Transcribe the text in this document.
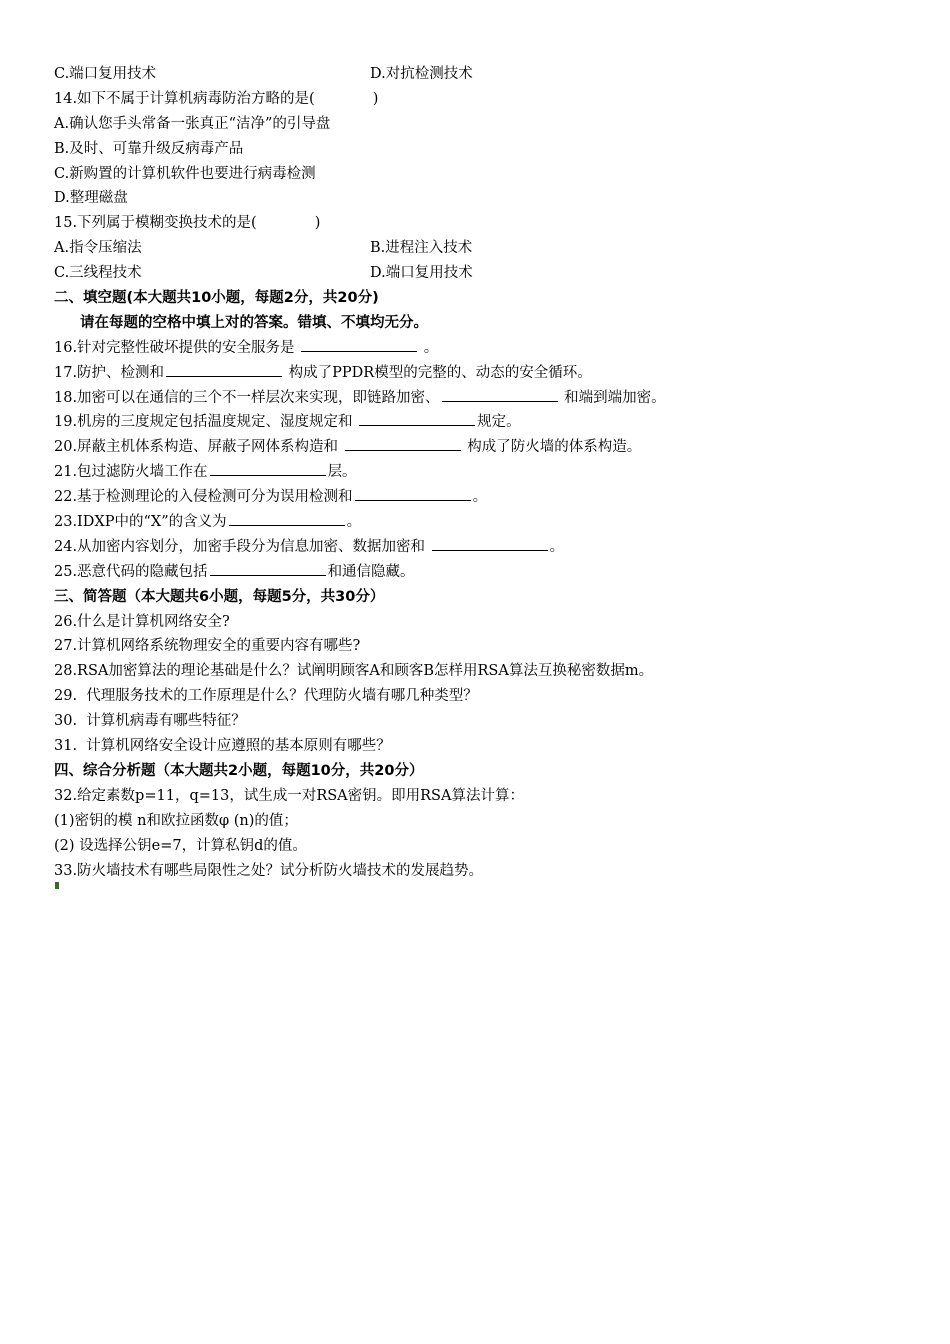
C.端口复用技术	D.对抗检测技术
14.如下不属于计算机病毒防治方略的是(	)
A.确认您手头常备一张真正“洁净”的引导盘
B.及时、可靠升级反病毒产品
C.新购置的计算机软件也要进行病毒检测
D.整理磁盘
15.下列属于模糊变换技术的是(	)
A.指令压缩法	B.进程注入技术
C.三线程技术	D.端口复用技术
二、填空题(本大题共10小题，每题2分，共20分)
请在每题的空格中填上对的答案。错填、不填均无分。
16.针对完整性破坏提供的安全服务是	。
17.防护、检测和	构成了PPDR模型的完整的、动态的安全循环。
18.加密可以在通信的三个不一样层次来实现，即链路加密、	和端到端加密。
19.机房的三度规定包括温度规定、湿度规定和	规定。
20.屏蔽主机体系构造、屏蔽子网体系构造和	构成了防火墙的体系构造。
21.包过滤防火墙工作在	层。
22.基于检测理论的入侵检测可分为误用检测和	。
23.IDXP中的“X”的含义为	。
24.从加密内容划分，加密手段分为信息加密、数据加密和	。
25.恶意代码的隐藏包括	和通信隐藏。
三、简答题（本大题共6小题，每题5分，共30分）
26.什么是计算机网络安全?
27.计算机网络系统物理安全的重要内容有哪些?
28.RSA加密算法的理论基础是什么？试阐明顾客A和顾客B怎样用RSA算法互换秘密数据m。
29.  代理服务技术的工作原理是什么？代理防火墙有哪几种类型？
30.  计算机病毒有哪些特征？
31.  计算机网络安全设计应遵照的基本原则有哪些？
四、综合分析题（本大题共2小题，每题10分，共20分）
32.给定素数p=11，q=13，试生成一对RSA密钥。即用RSA算法计算：
(1)密钥的模 n和欧拉函数φ (n)的值；
(2) 设选择公钥e=7，计算私钥d的值。
33.防火墙技术有哪些局限性之处？试分析防火墙技术的发展趋势。
